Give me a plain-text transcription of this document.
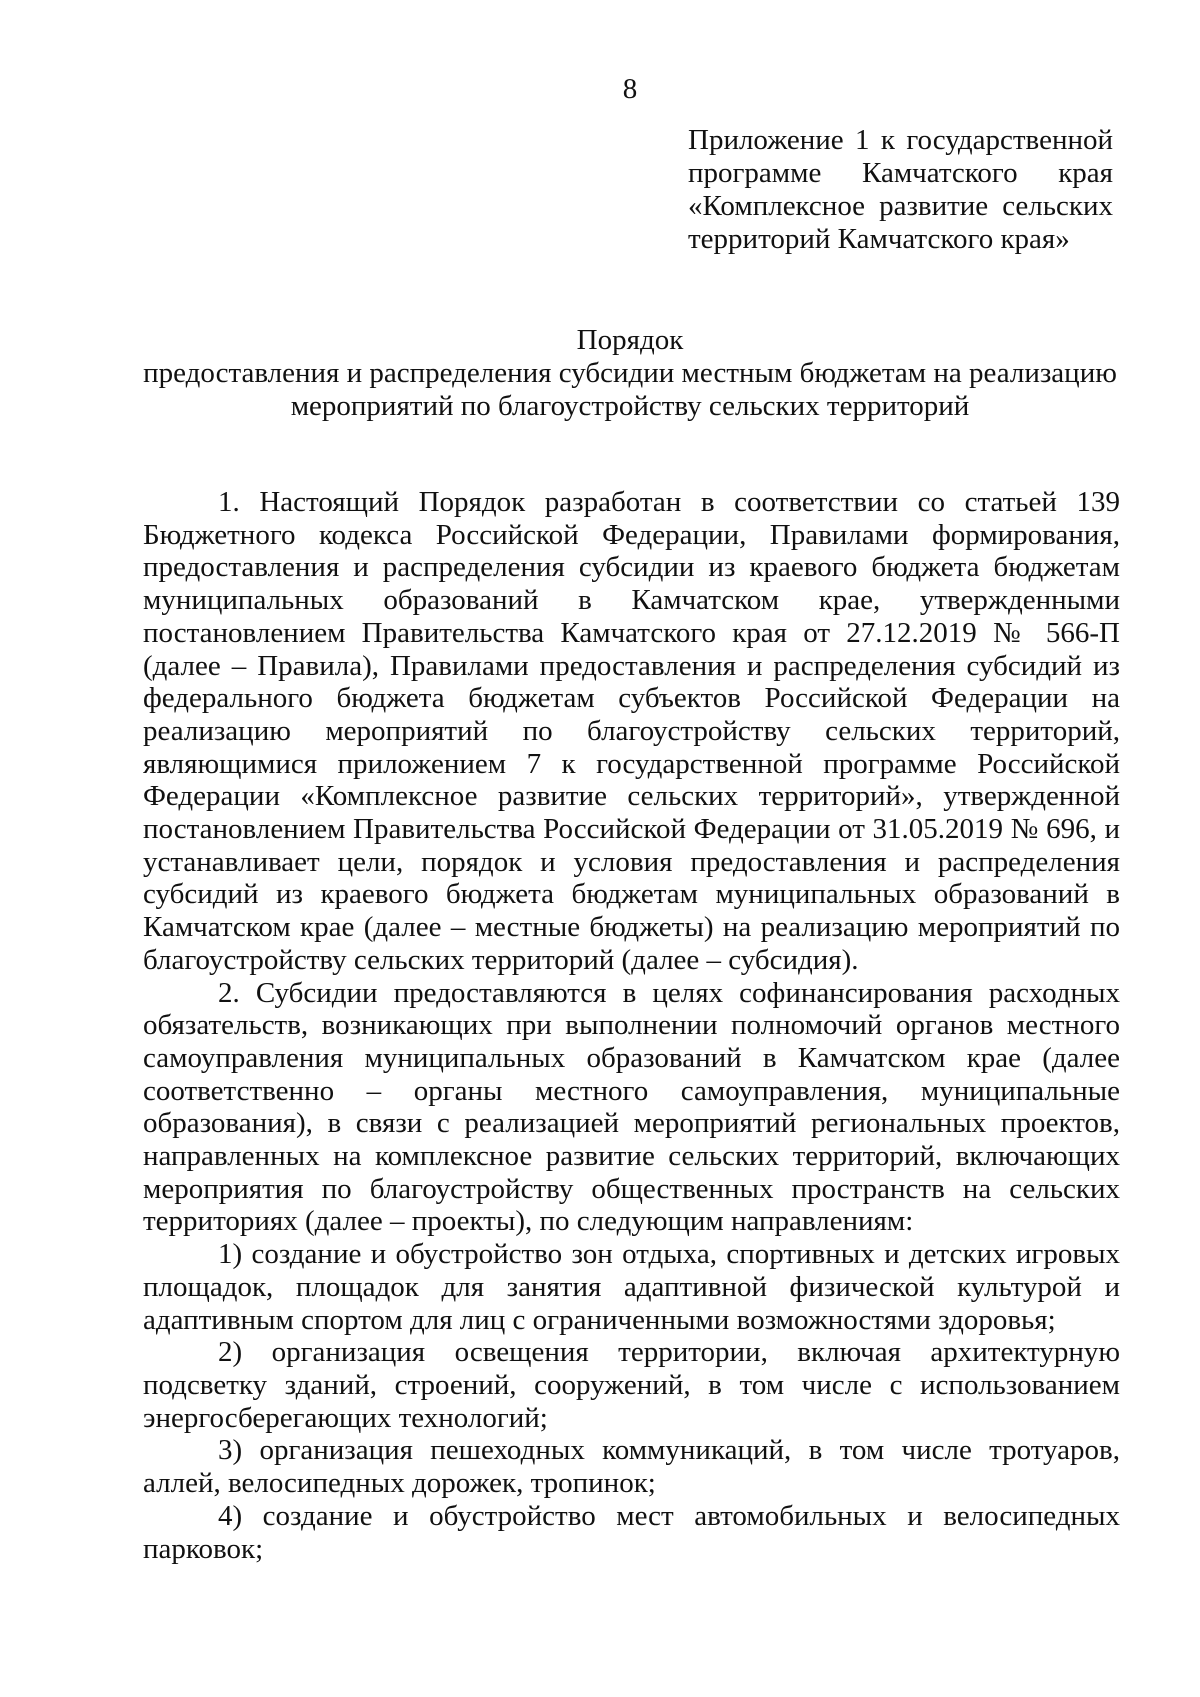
8
Приложение 1 к государственной программе Камчатского края «Комплексное развитие сельских территорий Камчатского края»
Порядок
предоставления и распределения субсидии местным бюджетам на реализацию мероприятий по благоустройству сельских территорий

1. Настоящий Порядок разработан в соответствии со статьей 139 Бюджетного кодекса Российской Федерации, Правилами формирования, предоставления и распределения субсидии из краевого бюджета бюджетам муниципальных образований в Камчатском крае, утвержденными постановлением Правительства Камчатского края от 27.12.2019 № 566-П (далее – Правила), Правилами предоставления и распределения субсидий из федерального бюджета бюджетам субъектов Российской Федерации на реализацию мероприятий по благоустройству сельских территорий, являющимися приложением 7 к государственной программе Российской Федерации «Комплексное развитие сельских территорий», утвержденной постановлением Правительства Российской Федерации от 31.05.2019 № 696, и устанавливает цели, порядок и условия предоставления и распределения субсидий из краевого бюджета бюджетам муниципальных образований в Камчатском крае (далее – местные бюджеты) на реализацию мероприятий по благоустройству сельских территорий (далее – субсидия).

2. Субсидии предоставляются в целях софинансирования расходных обязательств, возникающих при выполнении полномочий органов местного самоуправления муниципальных образований в Камчатском крае (далее соответственно – органы местного самоуправления, муниципальные образования), в связи с реализацией мероприятий региональных проектов, направленных на комплексное развитие сельских территорий, включающих мероприятия по благоустройству общественных пространств на сельских территориях (далее – проекты), по следующим направлениям:

1) создание и обустройство зон отдыха, спортивных и детских игровых площадок, площадок для занятия адаптивной физической культурой и адаптивным спортом для лиц с ограниченными возможностями здоровья;

2) организация освещения территории, включая архитектурную подсветку зданий, строений, сооружений, в том числе с использованием энергосберегающих технологий;

3) организация пешеходных коммуникаций, в том числе тротуаров, аллей, велосипедных дорожек, тропинок;

4) создание и обустройство мест автомобильных и велосипедных парковок;
